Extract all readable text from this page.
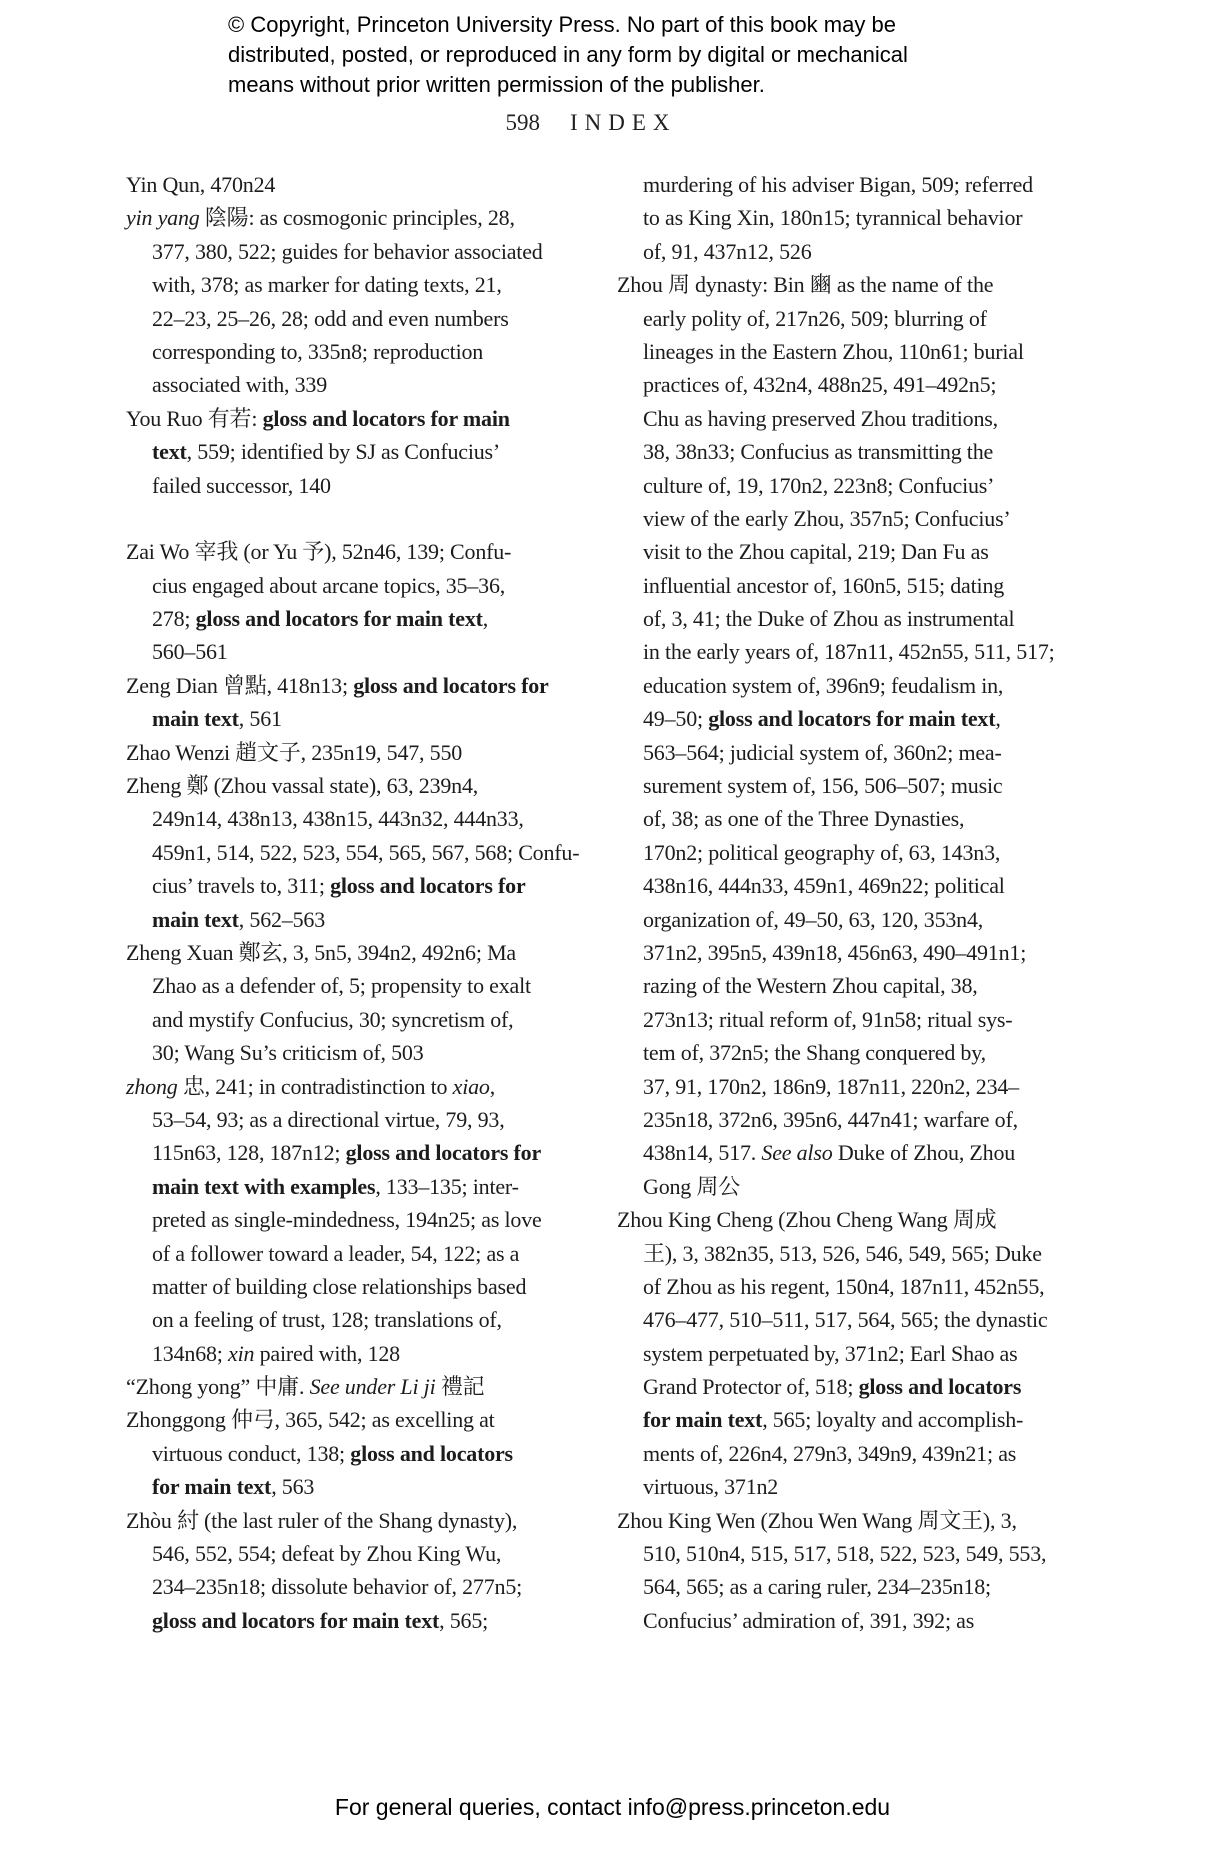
© Copyright, Princeton University Press. No part of this book may be
distributed, posted, or reproduced in any form by digital or mechanical
means without prior written permission of the publisher.
598 INDEX
Yin Qun, 470n24
yin yang 陰陽: as cosmogonic principles, 28,
377, 380, 522; guides for behavior associated
with, 378; as marker for dating texts, 21,
22–23, 25–26, 28; odd and even numbers
corresponding to, 335n8; reproduction
associated with, 339
You Ruo 有若: gloss and locators for main
text, 559; identified by SJ as Confucius’
failed successor, 140

Zai Wo 宰我 (or Yu 予), 52n46, 139; Confu-
cius engaged about arcane topics, 35–36,
278; gloss and locators for main text,
560–561
Zeng Dian 曾點, 418n13; gloss and locators for
main text, 561
Zhao Wenzi 趙文子, 235n19, 547, 550
Zheng 鄭 (Zhou vassal state), 63, 239n4,
249n14, 438n13, 438n15, 443n32, 444n33,
459n1, 514, 522, 523, 554, 565, 567, 568; Confu-
cius’ travels to, 311; gloss and locators for
main text, 562–563
Zheng Xuan 鄭玄, 3, 5n5, 394n2, 492n6; Ma
Zhao as a defender of, 5; propensity to exalt
and mystify Confucius, 30; syncretism of,
30; Wang Su’s criticism of, 503
zhong 忠, 241; in contradistinction to xiao,
53–54, 93; as a directional virtue, 79, 93,
115n63, 128, 187n12; gloss and locators for
main text with examples, 133–135; inter-
preted as single-mindedness, 194n25; as love
of a follower toward a leader, 54, 122; as a
matter of building close relationships based
on a feeling of trust, 128; translations of,
134n68; xin paired with, 128
“Zhong yong” 中庸. See under Li ji 禮記
Zhonggong 仲弓, 365, 542; as excelling at
virtuous conduct, 138; gloss and locators
for main text, 563
Zhòu 紂 (the last ruler of the Shang dynasty),
546, 552, 554; defeat by Zhou King Wu,
234–235n18; dissolute behavior of, 277n5;
gloss and locators for main text, 565;
murdering of his adviser Bigan, 509; referred
to as King Xin, 180n15; tyrannical behavior
of, 91, 437n12, 526
Zhou 周 dynasty: Bin 豳 as the name of the
early polity of, 217n26, 509; blurring of
lineages in the Eastern Zhou, 110n61; burial
practices of, 432n4, 488n25, 491–492n5;
Chu as having preserved Zhou traditions,
38, 38n33; Confucius as transmitting the
culture of, 19, 170n2, 223n8; Confucius’
view of the early Zhou, 357n5; Confucius’
visit to the Zhou capital, 219; Dan Fu as
influential ancestor of, 160n5, 515; dating
of, 3, 41; the Duke of Zhou as instrumental
in the early years of, 187n11, 452n55, 511, 517;
education system of, 396n9; feudalism in,
49–50; gloss and locators for main text,
563–564; judicial system of, 360n2; mea-
surement system of, 156, 506–507; music
of, 38; as one of the Three Dynasties,
170n2; political geography of, 63, 143n3,
438n16, 444n33, 459n1, 469n22; political
organization of, 49–50, 63, 120, 353n4,
371n2, 395n5, 439n18, 456n63, 490–491n1;
razing of the Western Zhou capital, 38,
273n13; ritual reform of, 91n58; ritual sys-
tem of, 372n5; the Shang conquered by,
37, 91, 170n2, 186n9, 187n11, 220n2, 234–
235n18, 372n6, 395n6, 447n41; warfare of,
438n14, 517. See also Duke of Zhou, Zhou
Gong 周公
Zhou King Cheng (Zhou Cheng Wang 周成
王), 3, 382n35, 513, 526, 546, 549, 565; Duke
of Zhou as his regent, 150n4, 187n11, 452n55,
476–477, 510–511, 517, 564, 565; the dynastic
system perpetuated by, 371n2; Earl Shao as
Grand Protector of, 518; gloss and locators
for main text, 565; loyalty and accomplish-
ments of, 226n4, 279n3, 349n9, 439n21; as
virtuous, 371n2
Zhou King Wen (Zhou Wen Wang 周文王), 3,
510, 510n4, 515, 517, 518, 522, 523, 549, 553,
564, 565; as a caring ruler, 234–235n18;
Confucius’ admiration of, 391, 392; as
For general queries, contact info@press.princeton.edu
